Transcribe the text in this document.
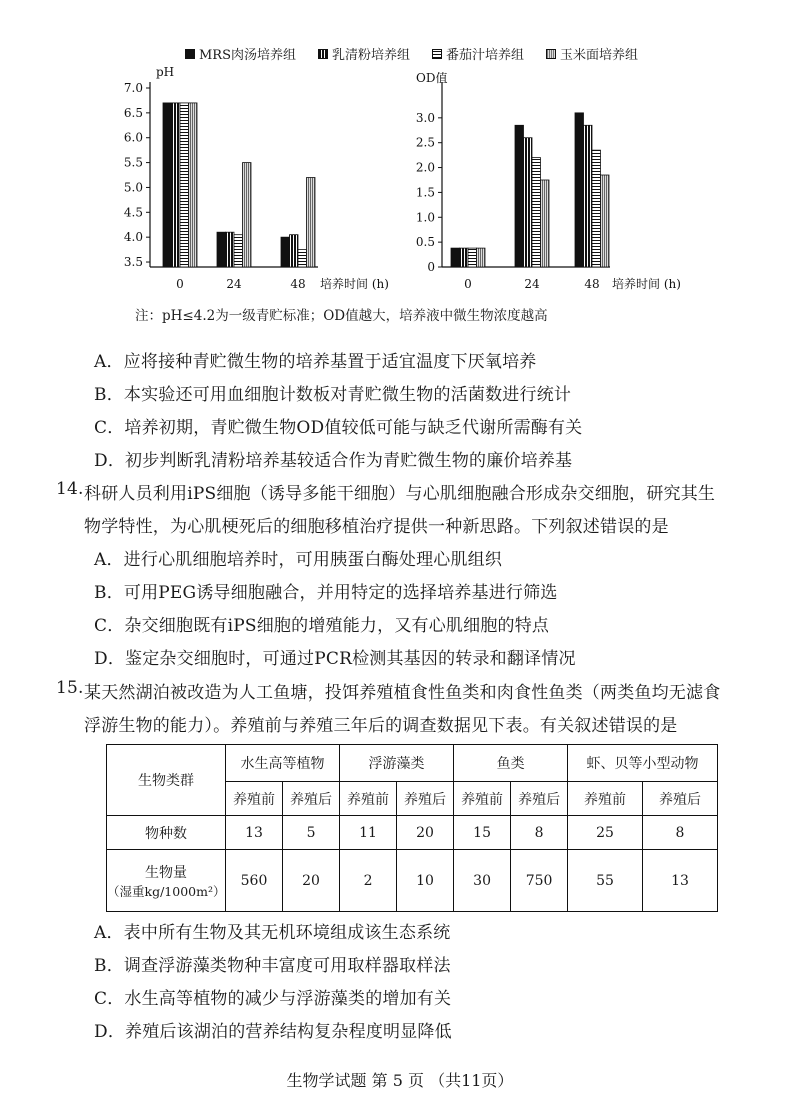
MRS肉汤培养组	乳清粉培养组	番茄汁培养组	玉米面培养组
pH
培养时间 (h)
3.5
4.0
4.5
5.0
5.5
6.0
6.5
7.0
0	24	48
OD值
培养时间 (h)
0
0.5
1.0
1.5
2.0
2.5
3.0
0	24	48
注：pH≤4.2为一级青贮标准；OD值越大，培养液中微生物浓度越高
A．应将接种青贮微生物的培养基置于适宜温度下厌氧培养
B．本实验还可用血细胞计数板对青贮微生物的活菌数进行统计
C．培养初期，青贮微生物OD值较低可能与缺乏代谢所需酶有关
D．初步判断乳清粉培养基较适合作为青贮微生物的廉价培养基
14. 科研人员利用iPS细胞（诱导多能干细胞）与心肌细胞融合形成杂交细胞，研究其生
物学特性，为心肌梗死后的细胞移植治疗提供一种新思路。下列叙述错误的是
A．进行心肌细胞培养时，可用胰蛋白酶处理心肌组织
B．可用PEG诱导细胞融合，并用特定的选择培养基进行筛选
C．杂交细胞既有iPS细胞的增殖能力，又有心肌细胞的特点
D．鉴定杂交细胞时，可通过PCR检测其基因的转录和翻译情况
15. 某天然湖泊被改造为人工鱼塘，投饵养殖植食性鱼类和肉食性鱼类（两类鱼均无滤食
浮游生物的能力）。养殖前与养殖三年后的调查数据见下表。有关叙述错误的是
生物类群	水生高等植物		浮游藻类		鱼类		虾、贝等小型动物	
	养殖前	养殖后	养殖前	养殖后	养殖前	养殖后	养殖前	养殖后
物种数	13	5	11	20	15	8	25	8

生物量
（湿重kg/1000m²）	560	20	2	10	30	750	55	13
A．表中所有生物及其无机环境组成该生态系统
B．调查浮游藻类物种丰富度可用取样器取样法
C．水生高等植物的减少与浮游藻类的增加有关
D．养殖后该湖泊的营养结构复杂程度明显降低
生物学试题 第 5 页 （共11页）
